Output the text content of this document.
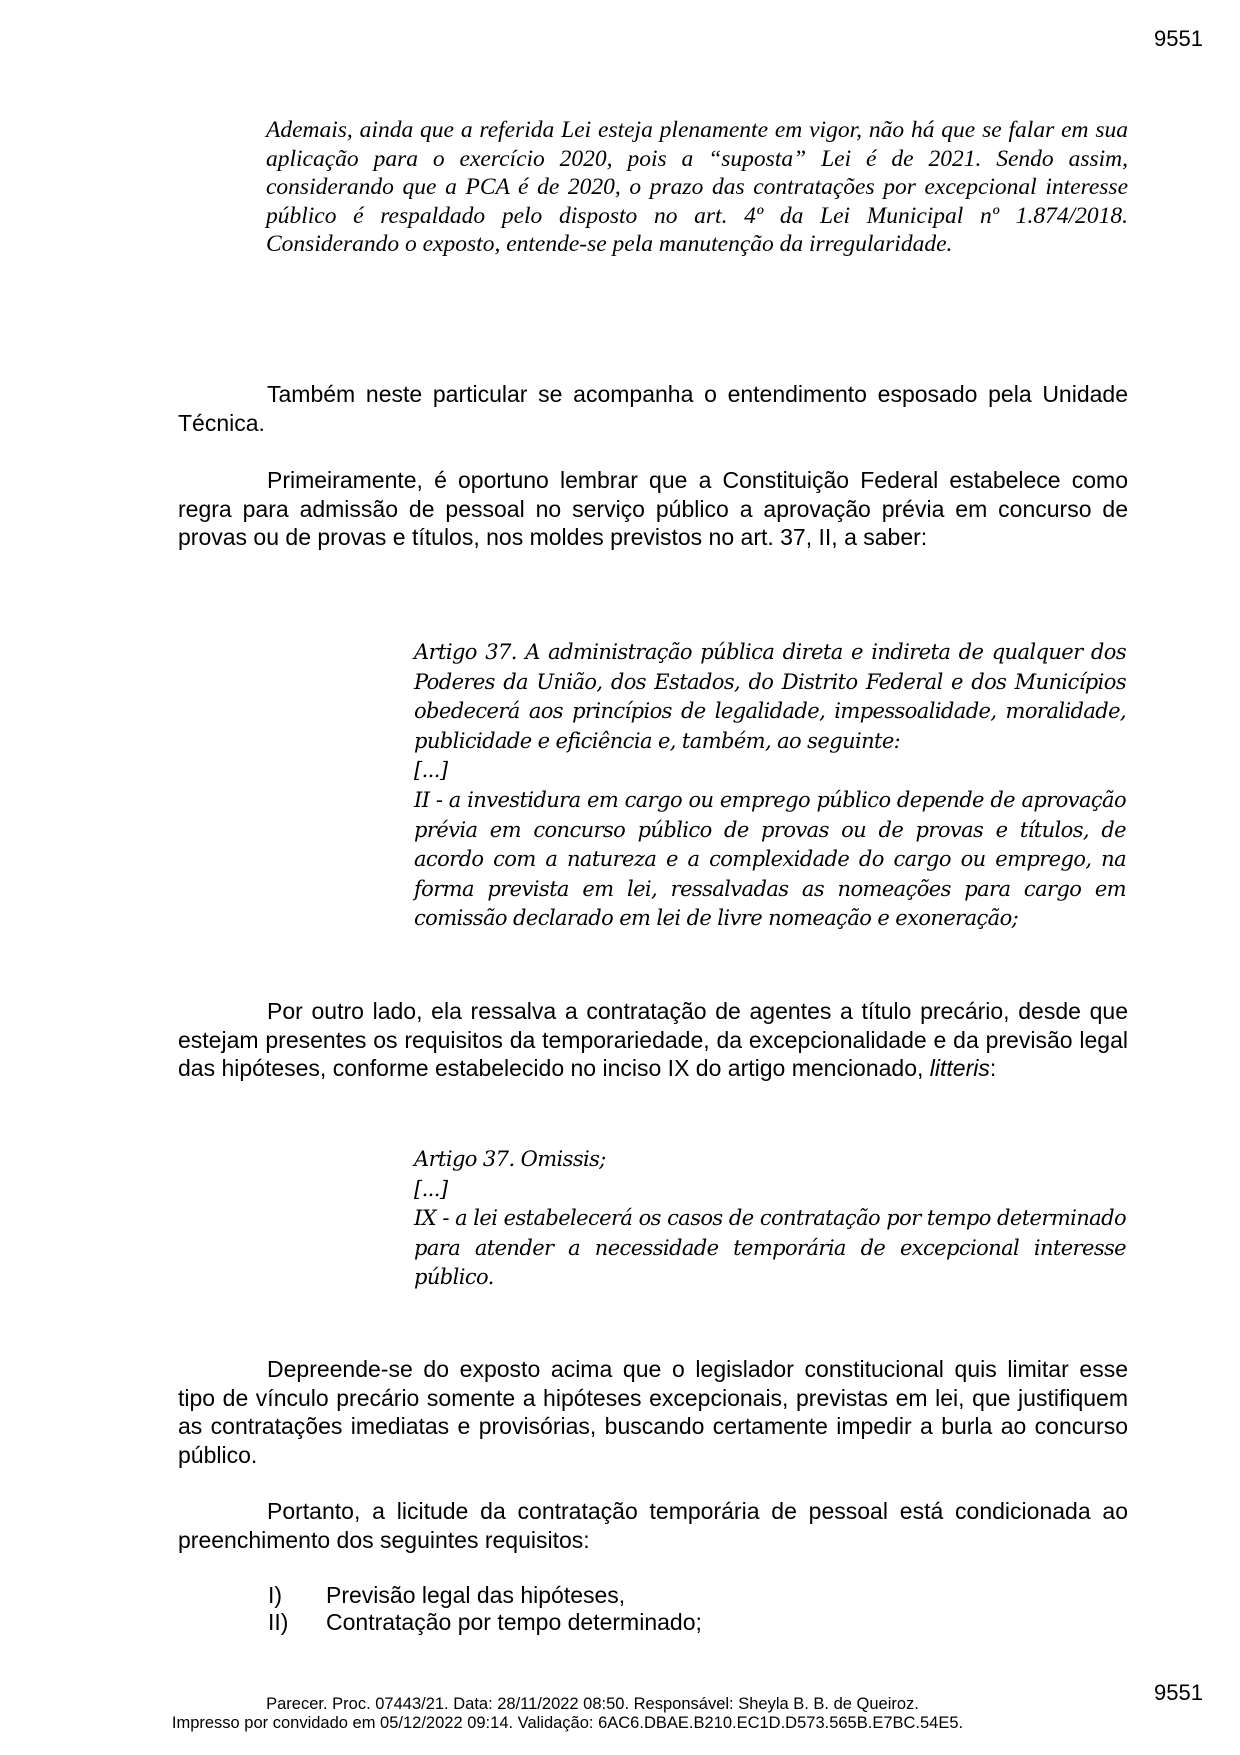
9551
Ademais, ainda que a referida Lei esteja plenamente em vigor, não há que se falar em sua aplicação para o exercício 2020, pois a “suposta” Lei é de 2021. Sendo assim, considerando que a PCA é de 2020, o prazo das contratações por excepcional interesse público é respaldado pelo disposto no art. 4º da Lei Municipal nº 1.874/2018. Considerando o exposto, entende-se pela manutenção da irregularidade.
Também neste particular se acompanha o entendimento esposado pela Unidade Técnica.
Primeiramente, é oportuno lembrar que a Constituição Federal estabelece como regra para admissão de pessoal no serviço público a aprovação prévia em concurso de provas ou de provas e títulos, nos moldes previstos no art. 37, II, a saber:
Artigo 37. A administração pública direta e indireta de qualquer dos Poderes da União, dos Estados, do Distrito Federal e dos Municípios obedecerá aos princípios de legalidade, impessoalidade, moralidade, publicidade e eficiência e, também, ao seguinte:
[...]
II - a investidura em cargo ou emprego público depende de aprovação prévia em concurso público de provas ou de provas e títulos, de acordo com a natureza e a complexidade do cargo ou emprego, na forma prevista em lei, ressalvadas as nomeações para cargo em comissão declarado em lei de livre nomeação e exoneração;
Por outro lado, ela ressalva a contratação de agentes a título precário, desde que estejam presentes os requisitos da temporariedade, da excepcionalidade e da previsão legal das hipóteses, conforme estabelecido no inciso IX do artigo mencionado, litteris:
Artigo 37. Omissis;
[...]
IX - a lei estabelecerá os casos de contratação por tempo determinado para atender a necessidade temporária de excepcional interesse público.
Depreende-se do exposto acima que o legislador constitucional quis limitar esse tipo de vínculo precário somente a hipóteses excepcionais, previstas em lei, que justifiquem as contratações imediatas e provisórias, buscando certamente impedir a burla ao concurso público.
Portanto, a licitude da contratação temporária de pessoal está condicionada ao preenchimento dos seguintes requisitos:
I)	Previsão legal das hipóteses,
II)	Contratação por tempo determinado;
9551
Parecer. Proc. 07443/21. Data: 28/11/2022 08:50. Responsável: Sheyla B. B. de Queiroz.
Impresso por convidado em 05/12/2022 09:14. Validação: 6AC6.DBAE.B210.EC1D.D573.565B.E7BC.54E5.
